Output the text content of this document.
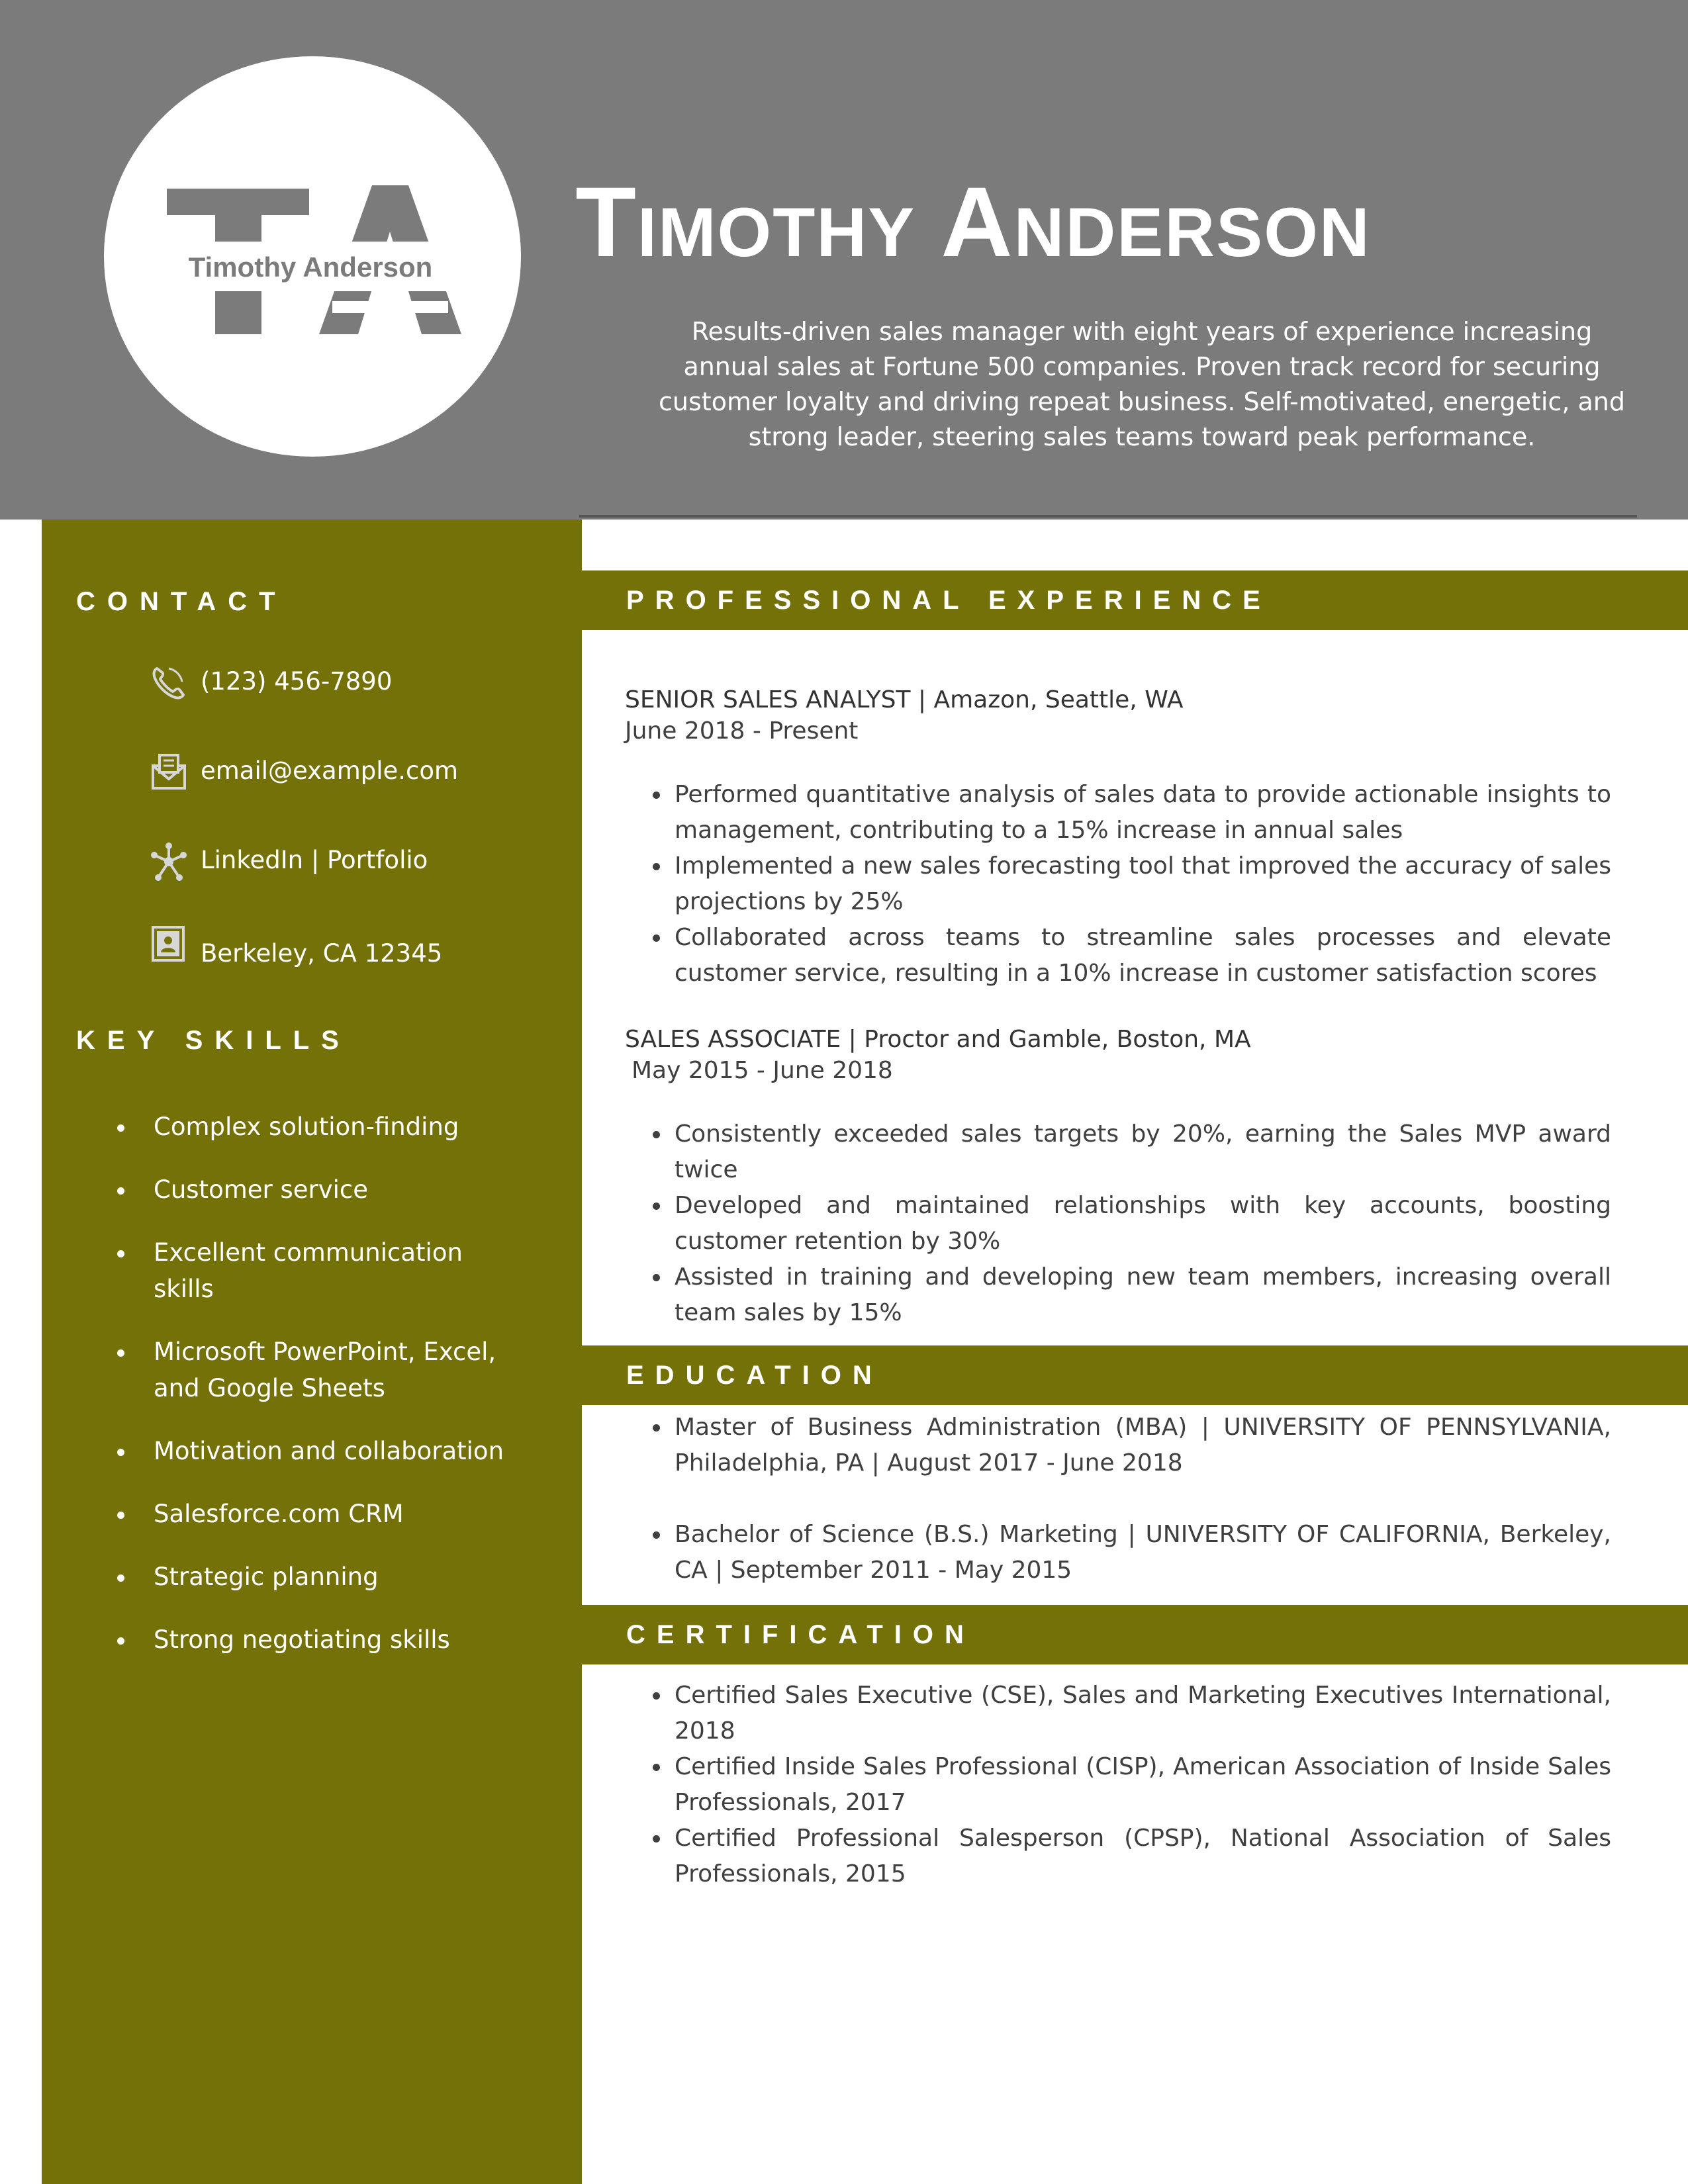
Timothy Anderson	Timothy Anderson
Results-driven sales manager with eight years of experience increasing annual sales at Fortune 500 companies. Proven track record for securing customer loyalty and driving repeat business. Self-motivated, energetic, and strong leader, steering sales teams toward peak performance.
CONTACT
(123) 456-7890
email@example.com
LinkedIn | Portfolio
Berkeley, CA 12345
KEY SKILLS
Complex solution-finding
Customer service
Excellent communication skills
Microsoft PowerPoint, Excel, and Google Sheets
Motivation and collaboration
Salesforce.com CRM
Strategic planning
Strong negotiating skills
PROFESSIONAL EXPERIENCE
SENIOR SALES ANALYST | Amazon, Seattle, WA
June 2018 - Present
Performed quantitative analysis of sales data to provide actionable insights to management, contributing to a 15% increase in annual sales
Implemented a new sales forecasting tool that improved the accuracy of sales projections by 25%
Collaborated across teams to streamline sales processes and elevate customer service, resulting in a 10% increase in customer satisfaction scores
SALES ASSOCIATE | Proctor and Gamble, Boston, MA
May 2015 - June 2018
Consistently exceeded sales targets by 20%, earning the Sales MVP award twice
Developed and maintained relationships with key accounts, boosting customer retention by 30%
Assisted in training and developing new team members, increasing overall team sales by 15%
EDUCATION
Master of Business Administration (MBA) | UNIVERSITY OF PENNSYLVANIA, Philadelphia, PA | August 2017 - June 2018
Bachelor of Science (B.S.) Marketing | UNIVERSITY OF CALIFORNIA, Berkeley, CA | September 2011 - May 2015
CERTIFICATION
Certified Sales Executive (CSE), Sales and Marketing Executives International, 2018
Certified Inside Sales Professional (CISP), American Association of Inside Sales Professionals, 2017
Certified Professional Salesperson (CPSP), National Association of Sales Professionals, 2015
